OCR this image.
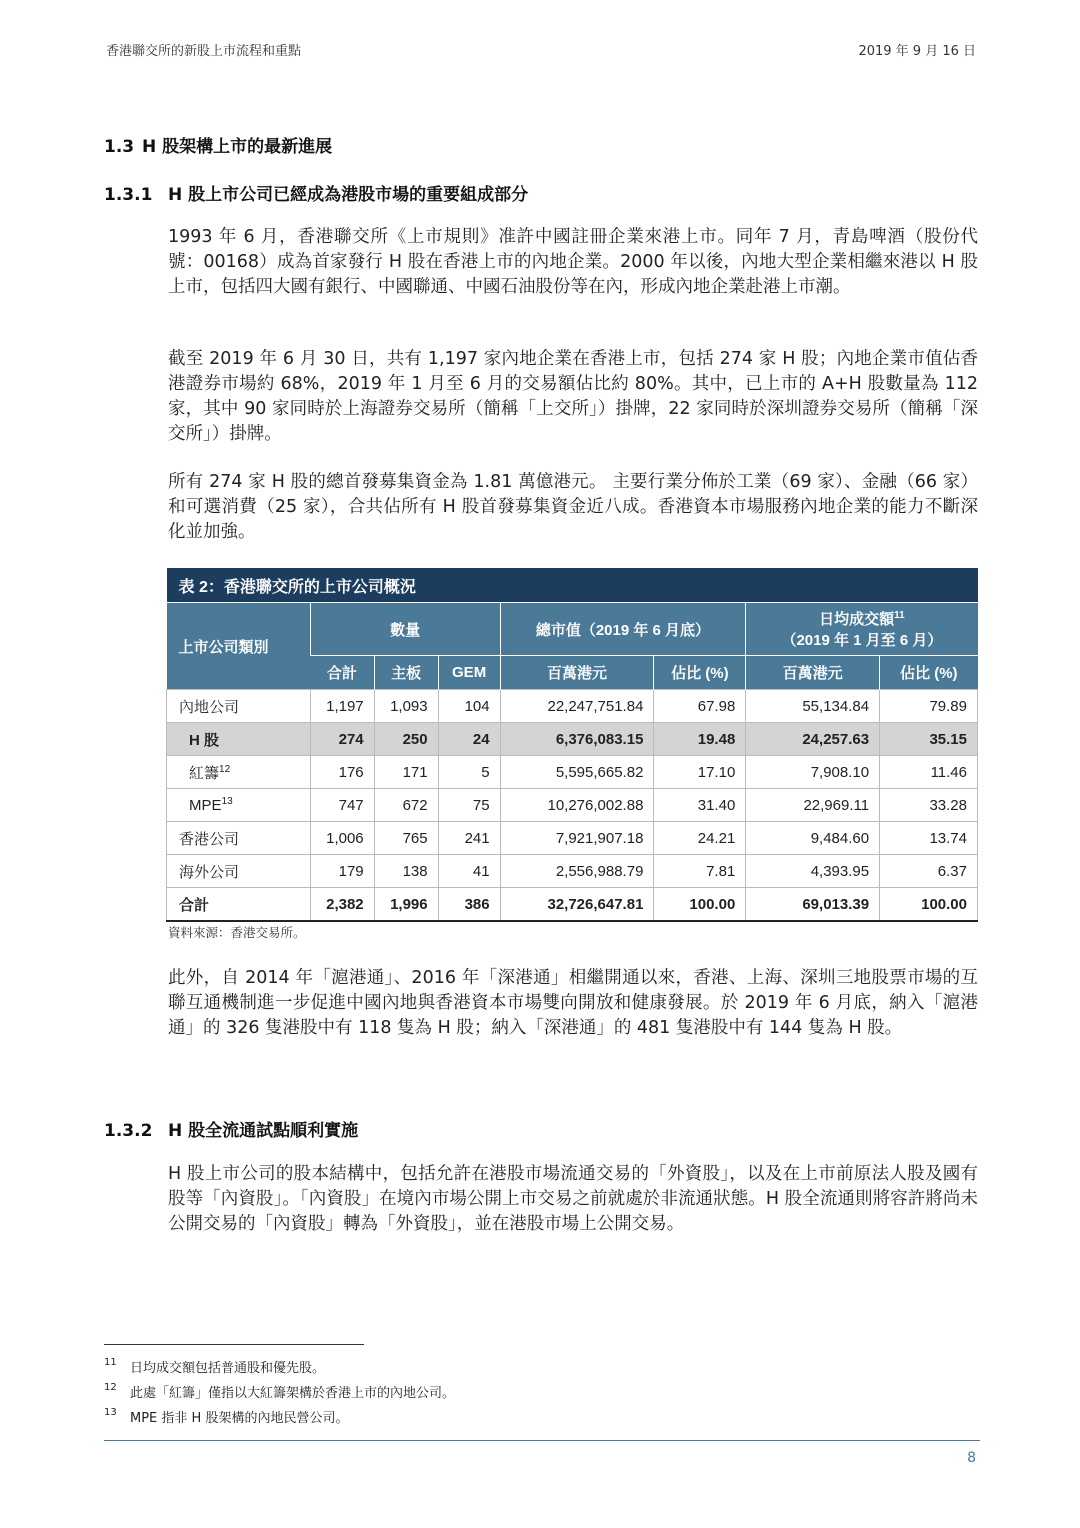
香港聯交所的新股上市流程和重點	2019 年 9 月 16 日
1.3 H 股架構上市的最新進展
1.3.1 H 股上市公司已經成為港股市場的重要組成部分

1993 年 6 月，香港聯交所《上市規則》准許中國註冊企業來港上市。同年 7 月，青島啤酒（股份代號：00168）成為首家發行 H 股在香港上市的內地企業。2000 年以後，內地大型企業相繼來港以 H 股上市，包括四大國有銀行、中國聯通、中國石油股份等在內，形成內地企業赴港上市潮。

截至 2019 年 6 月 30 日，共有 1,197 家內地企業在香港上市，包括 274 家 H 股；內地企業市值佔香港證券市場約 68%，2019 年 1 月至 6 月的交易額佔比約 80%。其中，已上市的 A+H 股數量為 112 家，其中 90 家同時於上海證券交易所（簡稱「上交所」）掛牌，22 家同時於深圳證券交易所（簡稱「深交所」）掛牌。

所有 274 家 H 股的總首發募集資金為 1.81 萬億港元。 主要行業分佈於工業（69 家）、金融（66 家）和可選消費（25 家），合共佔所有 H 股首發募集資金近八成。香港資本市場服務內地企業的能力不斷深化並加強。

表 2：香港聯交所的上市公司概況							
上市公司類別	數量			總市值（2019 年 6 月底）		日均成交額$^{11}$
（2019 年 1 月至 6 月）	
	合計	主板	GEM	百萬港元	佔比 (%)	百萬港元	佔比 (%)
內地公司	1,197	1,093	104	22,247,751.84	67.98	55,134.84	79.89
H 股	274	250	24	6,376,083.15	19.48	24,257.63	35.15
紅籌$^{12}$	176	171	5	5,595,665.82	17.10	7,908.10	11.46
MPE$^{13}$	747	672	75	10,276,002.88	31.40	22,969.11	33.28
香港公司	1,006	765	241	7,921,907.18	24.21	9,484.60	13.74
海外公司	179	138	41	2,556,988.79	7.81	4,393.95	6.37
合計	2,382	1,996	386	32,726,647.81	100.00	69,013.39	100.00
資料來源：香港交易所。

此外，自 2014 年「滬港通」、2016 年「深港通」相繼開通以來，香港、上海、深圳三地股票市場的互聯互通機制進一步促進中國內地與香港資本市場雙向開放和健康發展。於 2019 年 6 月底，納入「滬港通」的 326 隻港股中有 118 隻為 H 股；納入「深港通」的 481 隻港股中有 144 隻為 H 股。

1.3.2 H 股全流通試點順利實施

H 股上市公司的股本結構中，包括允許在港股市場流通交易的「外資股」，以及在上市前原法人股及國有股等「內資股」。「內資股」在境內市場公開上市交易之前就處於非流通狀態。H 股全流通則將容許將尚未公開交易的「內資股」轉為「外資股」，並在港股市場上公開交易。

11 日均成交額包括普通股和優先股。
12 此處「紅籌」僅指以大紅籌架構於香港上市的內地公司。
13 MPE 指非 H 股架構的內地民營公司。
8
